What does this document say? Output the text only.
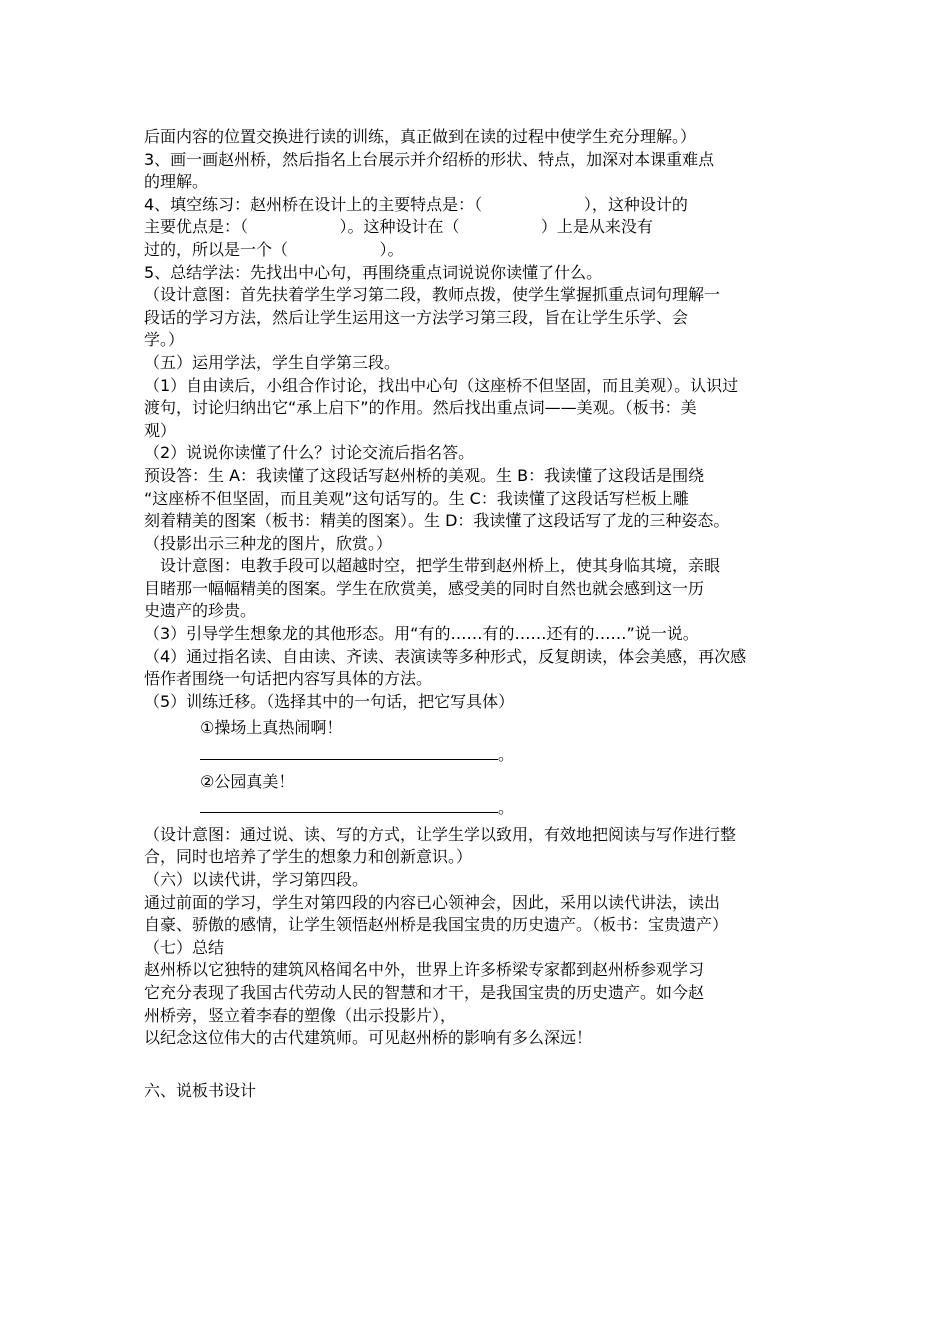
后面内容的位置交换进行读的训练，真正做到在读的过程中使学生充分理解。）
3、画一画赵州桥，然后指名上台展示并介绍桥的形状、特点，加深对本课重难点
的理解。
4、填空练习：赵州桥在设计上的主要特点是：（                    ），这种设计的
主要优点是：（                  ）。这种设计在（                ）上是从来没有
过的，所以是一个（                  ）。
5、总结学法：先找出中心句，再围绕重点词说说你读懂了什么。
（设计意图：首先扶着学生学习第二段，教师点拨，使学生掌握抓重点词句理解一
段话的学习方法，然后让学生运用这一方法学习第三段，旨在让学生乐学、会
学。）
（五）运用学法，学生自学第三段。
（1）自由读后，小组合作讨论，找出中心句（这座桥不但坚固，而且美观）。认识过
渡句，讨论归纳出它“承上启下”的作用。然后找出重点词——美观。（板书：美
观）
（2）说说你读懂了什么？讨论交流后指名答。
预设答：生 A：我读懂了这段话写赵州桥的美观。生 B：我读懂了这段话是围绕
“这座桥不但坚固，而且美观”这句话写的。生 C：我读懂了这段话写栏板上雕
刻着精美的图案（板书：精美的图案）。生 D：我读懂了这段话写了龙的三种姿态。
（投影出示三种龙的图片，欣赏。）
设计意图：电教手段可以超越时空，把学生带到赵州桥上，使其身临其境，亲眼
目睹那一幅幅精美的图案。学生在欣赏美，感受美的同时自然也就会感到这一历
史遗产的珍贵。
（3）引导学生想象龙的其他形态。用“有的……有的……还有的……”说一说。
（4）通过指名读、自由读、齐读、表演读等多种形式，反复朗读，体会美感，再次感
悟作者围绕一句话把内容写具体的方法。
（5）训练迁移。（选择其中的一句话，把它写具体）
①操场上真热闹啊！
。
②公园真美！
。
（设计意图：通过说、读、写的方式，让学生学以致用，有效地把阅读与写作进行整
合，同时也培养了学生的想象力和创新意识。）
（六）以读代讲，学习第四段。
通过前面的学习，学生对第四段的内容已心领神会，因此，采用以读代讲法，读出
自豪、骄傲的感情，让学生领悟赵州桥是我国宝贵的历史遗产。（板书：宝贵遗产）
（七）总结
赵州桥以它独特的建筑风格闻名中外，世界上许多桥梁专家都到赵州桥参观学习
它充分表现了我国古代劳动人民的智慧和才干，是我国宝贵的历史遗产。如今赵
州桥旁，竖立着李春的塑像（出示投影片），
以纪念这位伟大的古代建筑师。可见赵州桥的影响有多么深远！
六、说板书设计
